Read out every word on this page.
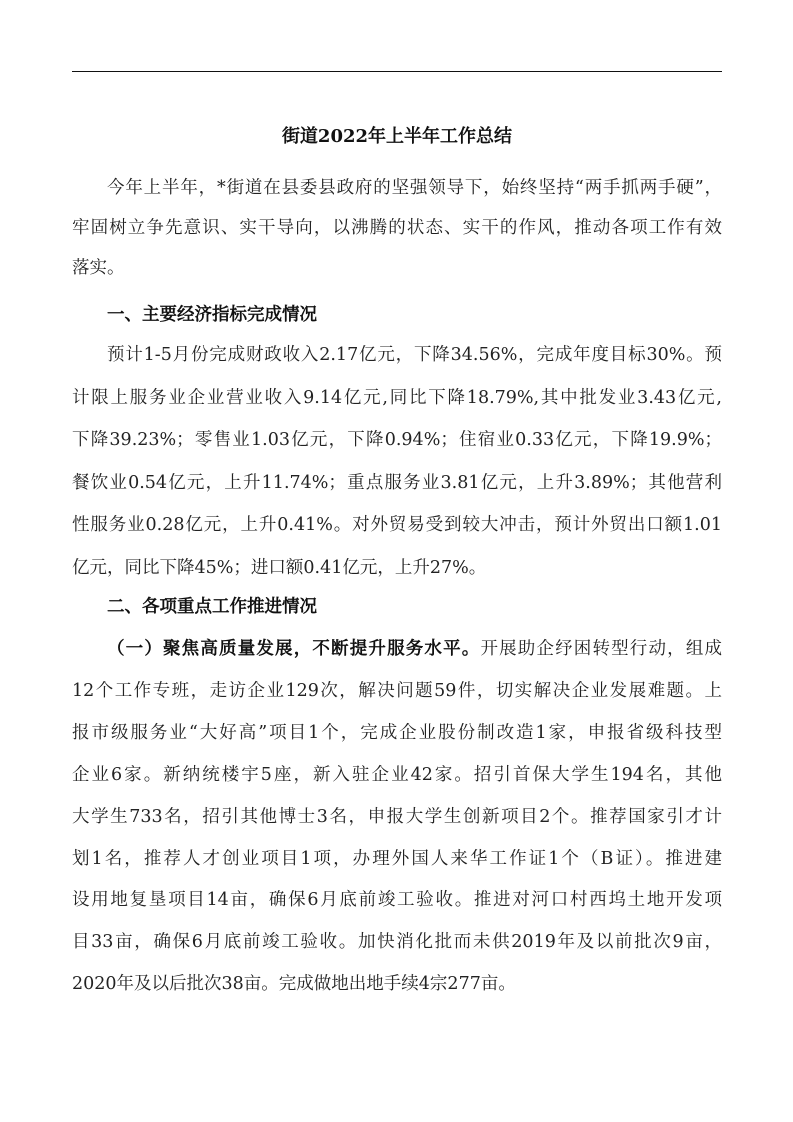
街道2022年上半年工作总结
今年上半年，*街道在县委县政府的坚强领导下，始终坚持“两手抓两手硬”，
牢固树立争先意识、实干导向，以沸腾的状态、实干的作风，推动各项工作有效
落实。
一、主要经济指标完成情况
预计1-5月份完成财政收入2.17亿元，下降34.56%，完成年度目标30%。预
计限上服务业企业营业收入9.14亿元,同比下降18.79%,其中批发业3.43亿元,
下降39.23%；零售业1.03亿元，下降0.94%；住宿业0.33亿元，下降19.9%；
餐饮业0.54亿元，上升11.74%；重点服务业3.81亿元，上升3.89%；其他营利
性服务业0.28亿元，上升0.41%。对外贸易受到较大冲击，预计外贸出口额1.01
亿元，同比下降45%；进口额0.41亿元，上升27%。
二、各项重点工作推进情况
（一）聚焦高质量发展，不断提升服务水平。开展助企纾困转型行动，组成
12个工作专班，走访企业129次，解决问题59件，切实解决企业发展难题。上
报市级服务业“大好高”项目1个，完成企业股份制改造1家，申报省级科技型
企业6家。新纳统楼宇5座，新入驻企业42家。招引首保大学生194名，其他
大学生733名，招引其他博士3名，申报大学生创新项目2个。推荐国家引才计
划1名，推荐人才创业项目1项，办理外国人来华工作证1个（B证）。推进建
设用地复垦项目14亩，确保6月底前竣工验收。推进对河口村西坞土地开发项
目33亩，确保6月底前竣工验收。加快消化批而未供2019年及以前批次9亩，
2020年及以后批次38亩。完成做地出地手续4宗277亩。
